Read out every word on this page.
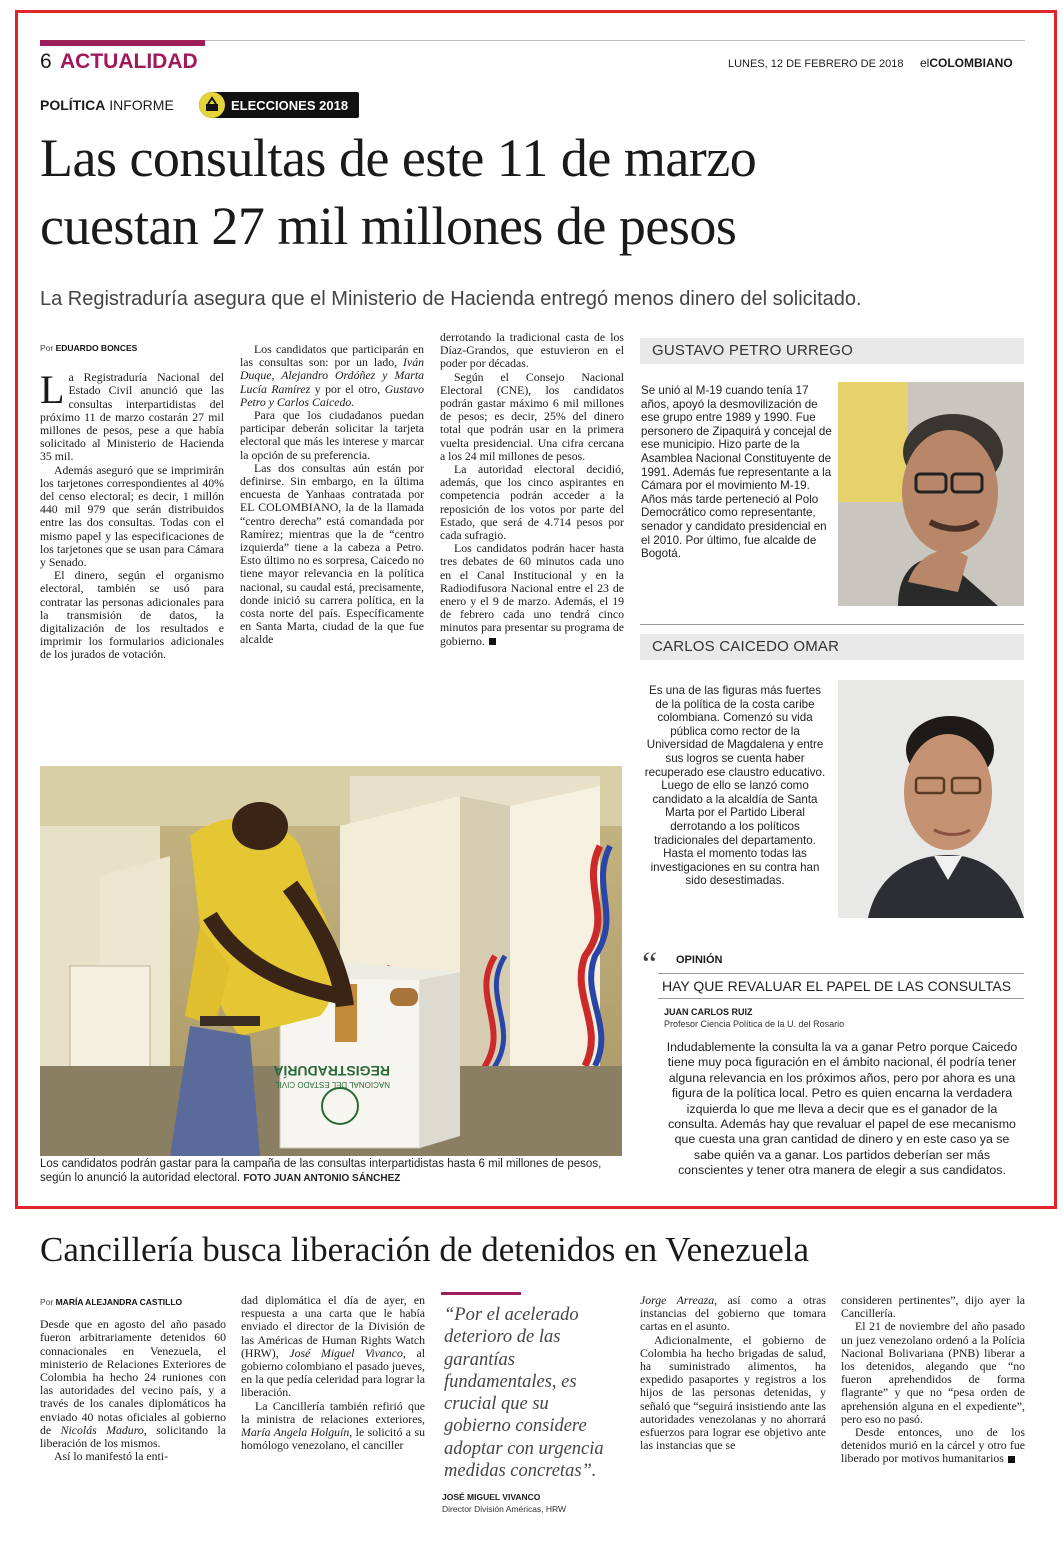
6 ACTUALIDAD	LUNES, 12 DE FEBRERO DE 2018 elCOLOMBIANO
POLÍTICA INFORME	ELECCIONES 2018
Las consultas de este 11 de marzo
cuestan 27 mil millones de pesos
La Registraduría asegura que el Ministerio de Hacienda entregó menos dinero del solicitado.
Por EDUARDO BONCES

La Registraduría Nacional del Estado Civil anunció que las consultas interpartidistas del próximo 11 de marzo costarán 27 mil millones de pesos, pese a que había solicitado al Ministerio de Hacienda 35 mil.

Además aseguró que se imprimirán los tarjetones correspondientes al 40% del censo electoral; es decir, 1 millón 440 mil 979 que serán distribuidos entre las dos consultas. Todas con el mismo papel y las especificaciones de los tarjetones que se usan para Cámara y Senado.

El dinero, según el organismo electoral, también se usó para contratar las personas adicionales para la transmisión de datos, la digitalización de los resultados e imprimir los formularios adicionales de los jurados de votación.

Los candidatos que participarán en las consultas son: por un lado, Iván Duque, Alejandro Ordóñez y Marta Lucía Ramírez y por el otro, Gustavo Petro y Carlos Caicedo.

Para que los ciudadanos puedan participar deberán solicitar la tarjeta electoral que más les interese y marcar la opción de su preferencia.

Las dos consultas aún están por definirse. Sin embargo, en la última encuesta de Yanhaas contratada por EL COLOMBIANO, la de la llamada “centro derecha” está comandada por Ramírez; mientras que la de “centro izquierda” tiene a la cabeza a Petro. Esto último no es sorpresa, Caicedo no tiene mayor relevancia en la política nacional, su caudal está, precisamente, donde inició su carrera política, en la costa norte del país. Específicamente en Santa Marta, ciudad de la que fue alcalde

derrotando la tradicional casta de los Díaz-Grandos, que estuvieron en el poder por décadas.

Según el Consejo Nacional Electoral (CNE), los candidatos podrán gastar máximo 6 mil millones de pesos; es decir, 25% del dinero total que podrán usar en la primera vuelta presidencial. Una cifra cercana a los 24 mil millones de pesos.

La autoridad electoral decidió, además, que los cinco aspirantes en competencia podrán acceder a la reposición de los votos por parte del Estado, que será de 4.714 pesos por cada sufragio.

Los candidatos podrán hacer hasta tres debates de 60 minutos cada uno en el Canal Institucional y en la Radiodifusora Nacional entre el 23 de enero y el 9 de marzo. Además, el 19 de febrero cada uno tendrá cinco minutos para presentar su programa de gobierno.

REGISTRADURÍA
NACIONAL DEL ESTADO CIVIL
Los candidatos podrán gastar para la campaña de las consultas interpartidistas hasta 6 mil millones de pesos, según lo anunció la autoridad electoral. FOTO JUAN ANTONIO SÁNCHEZ
GUSTAVO PETRO URREGO
Se unió al M-19 cuando tenía 17 años, apoyó la desmovilización de ese grupo entre 1989 y 1990. Fue personero de Zipaquirá y concejal de ese municipio. Hizo parte de la Asamblea Nacional Constituyente de 1991. Además fue representante a la Cámara por el movimiento M-19. Años más tarde perteneció al Polo Democrático como representante, senador y candidato presidencial en el 2010. Por último, fue alcalde de Bogotá.
CARLOS CAICEDO OMAR
Es una de las figuras más fuertes de la política de la costa caribe colombiana. Comenzó su vida pública como rector de la Universidad de Magdalena y entre sus logros se cuenta haber recuperado ese claustro educativo. Luego de ello se lanzó como candidato a la alcaldía de Santa Marta por el Partido Liberal derrotando a los políticos tradicionales del departamento. Hasta el momento todas las investigaciones en su contra han sido desestimadas.
“ OPINIÓN
HAY QUE REVALUAR EL PAPEL DE LAS CONSULTAS
JUAN CARLOS RUIZ
Profesor Ciencia Política de la U. del Rosario
Indudablemente la consulta la va a ganar Petro porque Caicedo tiene muy poca figuración en el ámbito nacional, él podría tener alguna relevancia en los próximos años, pero por ahora es una figura de la política local. Petro es quien encarna la verdadera izquierda lo que me lleva a decir que es el ganador de la consulta. Además hay que revaluar el papel de ese mecanismo que cuesta una gran cantidad de dinero y en este caso ya se sabe quién va a ganar. Los partidos deberían ser más conscientes y tener otra manera de elegir a sus candidatos.
Cancillería busca liberación de detenidos en Venezuela
Por MARÍA ALEJANDRA CASTILLO

Desde que en agosto del año pasado fueron arbitrariamente detenidos 60 connacionales en Venezuela, el ministerio de Relaciones Exteriores de Colombia ha hecho 24 runiones con las autoridades del vecino país, y a través de los canales diplomáticos ha enviado 40 notas oficiales al gobierno de Nicolás Maduro, solicitando la liberación de los mismos.

Así lo manifestó la enti-

dad diplomática el día de ayer, en respuesta a una carta que le había enviado el director de la División de las Américas de Human Rights Watch (HRW), José Miguel Vivanco, al gobierno colombiano el pasado jueves, en la que pedía celeridad para lograr la liberación.

La Cancillería también refirió que la ministra de relaciones exteriores, María Angela Holguín, le solicitó a su homólogo venezolano, el canciller

“Por el acelerado deterioro de las garantías fundamentales, es crucial que su gobierno considere adoptar con urgencia medidas concretas”.
JOSÉ MIGUEL VIVANCO
Director División Américas, HRW

Jorge Arreaza, así como a otras instancias del gobierno que tomara cartas en el asunto.

Adicionalmente, el gobierno de Colombia ha hecho brigadas de salud, ha suministrado alimentos, ha expedido pasaportes y registros a los hijos de las personas detenidas, y señaló que “seguirá insistiendo ante las autoridades venezolanas y no ahorrará esfuerzos para lograr ese objetivo ante las instancias que se

consideren pertinentes”, dijo ayer la Cancillería.

El 21 de noviembre del año pasado un juez venezolano ordenó a la Polícia Nacional Bolivariana (PNB) liberar a los detenidos, alegando que “no fueron aprehendidos de forma flagrante” y que no “pesa orden de aprehensión alguna en el expediente”, pero eso no pasó.

Desde entonces, uno de los detenidos murió en la cárcel y otro fue liberado por motivos humanitarios
